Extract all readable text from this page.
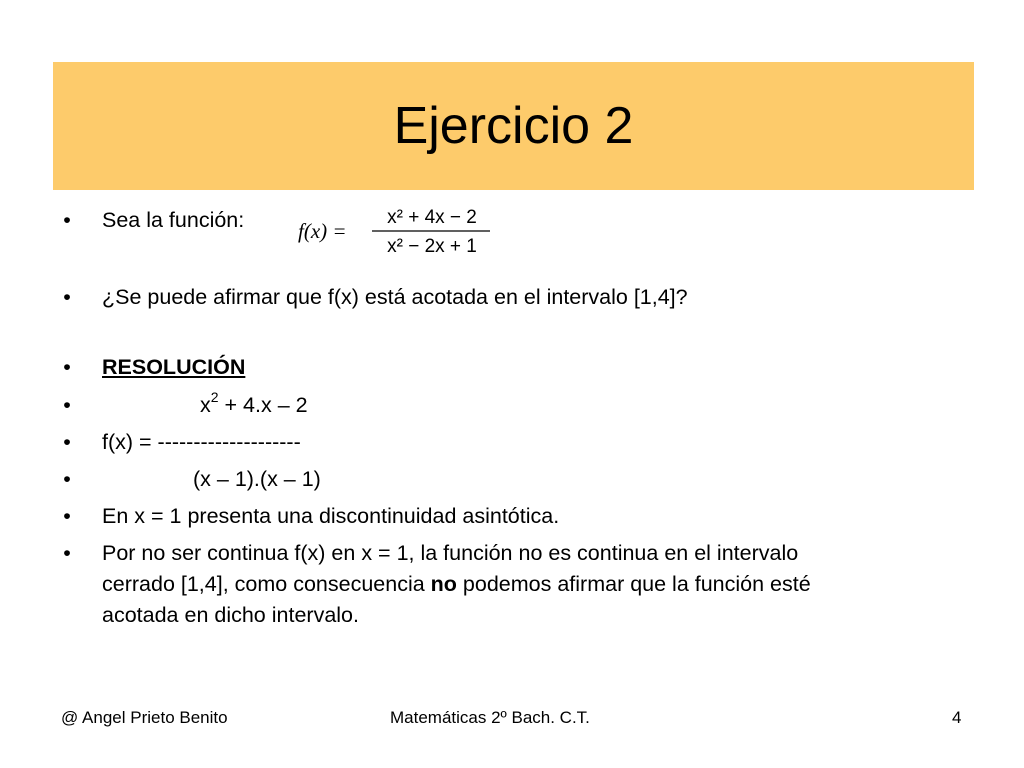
Ejercicio 2
• Sea la función:	f(x) =
x² + 4x − 2
x² − 2x + 1
• ¿Se puede afirmar que f(x) está acotada en el intervalo [1,4]?
• RESOLUCIÓN
•	$x^2 + 4.x - 2$
• f(x) = --------------------
•	(x – 1).(x – 1)
• En x = 1 presenta una discontinuidad asintótica.
• Por no ser continua f(x) en x = 1, la función no es continua en el intervalo
cerrado [1,4], como consecuencia no podemos afirmar que la función esté
acotada en dicho intervalo.
@ Angel Prieto Benito	Matemáticas 2º Bach. C.T.	4
